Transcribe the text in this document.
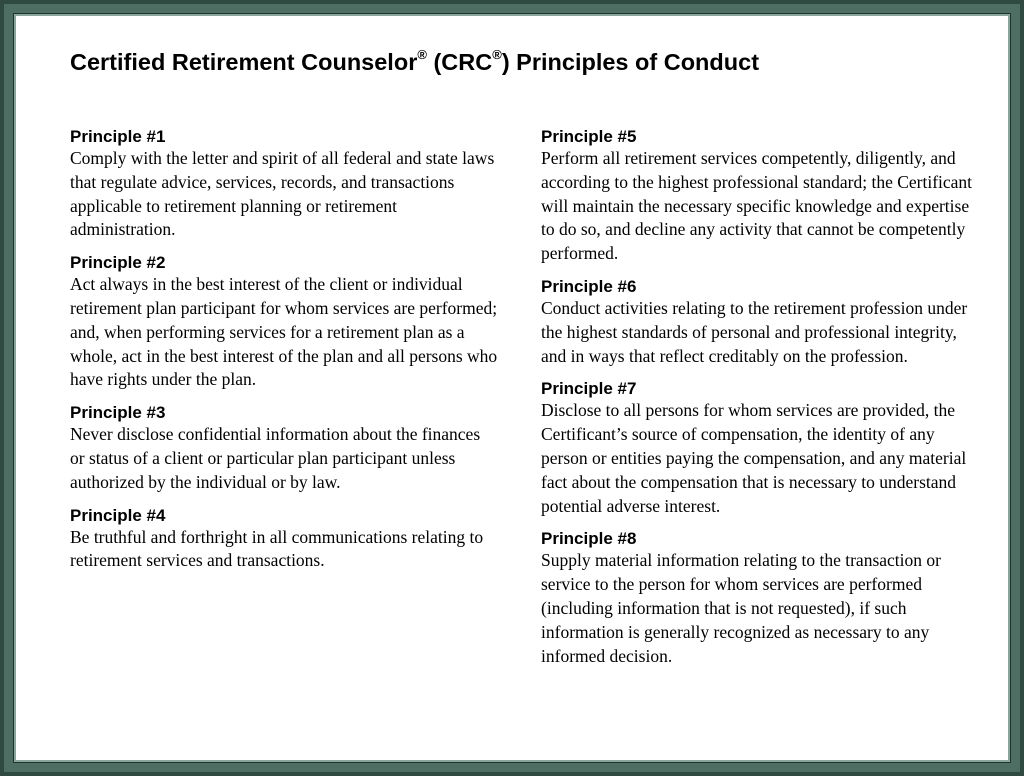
Certified Retirement Counselor® (CRC®) Principles of Conduct
Principle #1

Comply with the letter and spirit of all federal and state laws that regulate advice, services, records, and transactions applicable to retirement planning or retirement administration.

Principle #2

Act always in the best interest of the client or individual retirement plan participant for whom services are performed; and, when performing services for a retirement plan as a whole, act in the best interest of the plan and all persons who have rights under the plan.

Principle #3

Never disclose confidential information about the finances or status of a client or particular plan participant unless authorized by the individual or by law.

Principle #4

Be truthful and forthright in all communications relating to retirement services and transactions.

Principle #5

Perform all retirement services competently, diligently, and according to the highest professional standard; the Certificant will maintain the necessary specific knowledge and expertise to do so, and decline any activity that cannot be competently performed.

Principle #6

Conduct activities relating to the retirement profession under the highest standards of personal and professional integrity, and in ways that reflect creditably on the profession.

Principle #7

Disclose to all persons for whom services are provided, the Certificant’s source of compensation, the identity of any person or entities paying the compensation, and any material fact about the compensation that is necessary to understand potential adverse interest.

Principle #8

Supply material information relating to the transaction or service to the person for whom services are performed (including information that is not requested), if such information is generally recognized as necessary to any informed decision.
